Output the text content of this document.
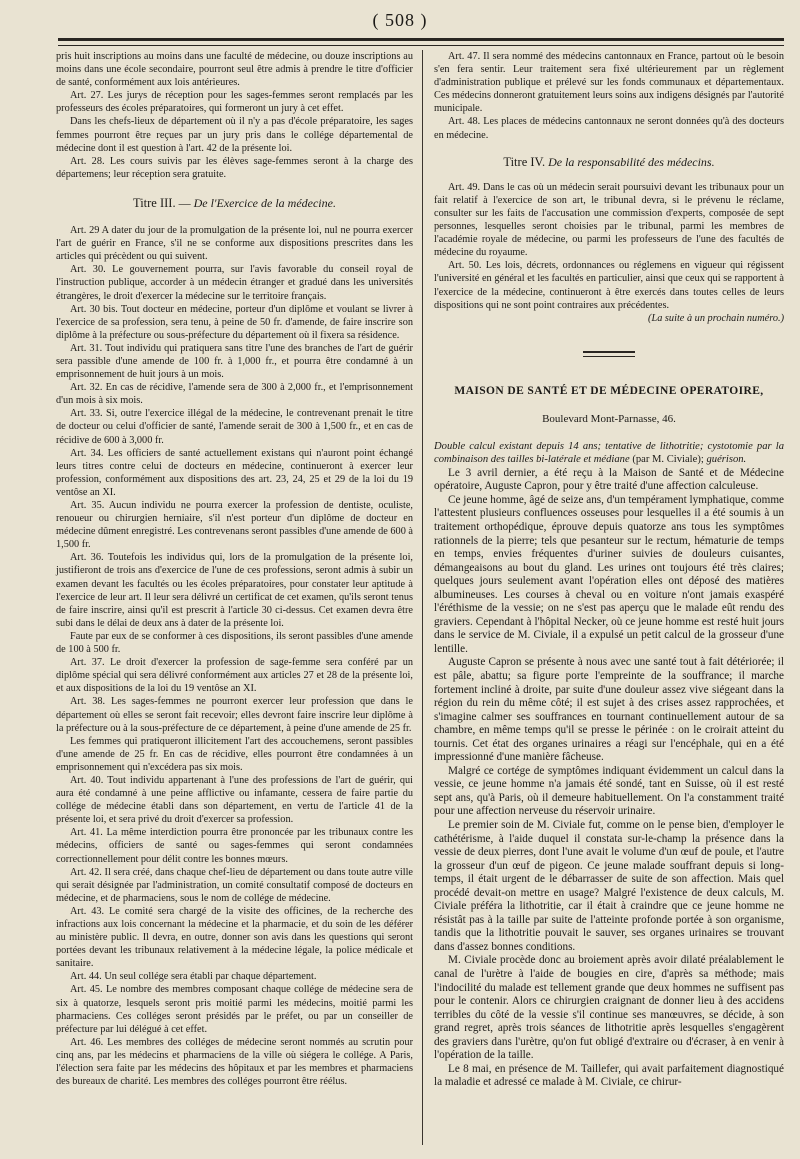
( 508 )

pris huit inscriptions au moins dans une faculté de médecine, ou douze inscriptions au moins dans une école secondaire, pourront seul être admis à prendre le titre d'officier de santé, conformément aux lois antérieures.

Art. 27. Les jurys de réception pour les sages-femmes seront remplacés par les professeurs des écoles préparatoires, qui formeront un jury à cet effet.

Dans les chefs-lieux de département où il n'y a pas d'école préparatoire, les sages femmes pourront être reçues par un jury pris dans le collége départemental de médecine dont il est question à l'art. 42 de la présente loi.

Art. 28. Les cours suivis par les élèves sage-femmes seront à la charge des départemens; leur réception sera gratuite.

Titre III. — De l'Exercice de la médecine.

Art. 29 A dater du jour de la promulgation de la présente loi, nul ne pourra exercer l'art de guérir en France, s'il ne se conforme aux dispositions prescrites dans les articles qui précèdent ou qui suivent.

Art. 30. Le gouvernement pourra, sur l'avis favorable du conseil royal de l'instruction publique, accorder à un médecin étranger et gradué dans les universités étrangères, le droit d'exercer la médecine sur le territoire français.

Art. 30 bis. Tout docteur en médecine, porteur d'un diplôme et voulant se livrer à l'exercice de sa profession, sera tenu, à peine de 50 fr. d'amende, de faire inscrire son diplôme à la préfecture ou sous-préfecture du département où il fixera sa résidence.

Art. 31. Tout individu qui pratiquera sans titre l'une des branches de l'art de guérir sera passible d'une amende de 100 fr. à 1,000 fr., et pourra être condamné à un emprisonnement de huit jours à un mois.

Art. 32. En cas de récidive, l'amende sera de 300 à 2,000 fr., et l'emprisonnement d'un mois à six mois.

Art. 33. Si, outre l'exercice illégal de la médecine, le contrevenant prenait le titre de docteur ou celui d'officier de santé, l'amende serait de 300 à 1,500 fr., et en cas de récidive de 600 à 3,000 fr.

Art. 34. Les officiers de santé actuellement existans qui n'auront point échangé leurs titres contre celui de docteurs en médecine, continueront à exercer leur profession, conformément aux dispositions des art. 23, 24, 25 et 29 de la loi du 19 ventôse an XI.

Art. 35. Aucun individu ne pourra exercer la profession de dentiste, oculiste, renoueur ou chirurgien herniaire, s'il n'est porteur d'un diplôme de docteur en médecine dûment enregistré. Les contrevenans seront passibles d'une amende de 600 à 1,500 fr.

Art. 36. Toutefois les individus qui, lors de la promulgation de la présente loi, justifieront de trois ans d'exercice de l'une de ces professions, seront admis à subir un examen devant les facultés ou les écoles préparatoires, pour constater leur aptitude à l'exercice de leur art. Il leur sera délivré un certificat de cet examen, qu'ils seront tenus de faire inscrire, ainsi qu'il est prescrit à l'article 30 ci-dessus. Cet examen devra être subi dans le délai de deux ans à dater de la présente loi.

Faute par eux de se conformer à ces dispositions, ils seront passibles d'une amende de 100 à 500 fr.

Art. 37. Le droit d'exercer la profession de sage-femme sera conféré par un diplôme spécial qui sera délivré conformément aux articles 27 et 28 de la présente loi, et aux dispositions de la loi du 19 ventôse an XI.

Art. 38. Les sages-femmes ne pourront exercer leur profession que dans le département où elles se seront fait recevoir; elles devront faire inscrire leur diplôme à la préfecture ou à la sous-préfecture de ce département, à peine d'une amende de 25 fr.

Les femmes qui pratiqueront illicitement l'art des accouchemens, seront passibles d'une amende de 25 fr. En cas de récidive, elles pourront être condamnées à un emprisonnement qui n'excédera pas six mois.

Art. 40. Tout individu appartenant à l'une des professions de l'art de guérir, qui aura été condamné à une peine afflictive ou infamante, cessera de faire partie du collége de médecine établi dans son département, en vertu de l'article 41 de la présente loi, et sera privé du droit d'exercer sa profession.

Art. 41. La même interdiction pourra être prononcée par les tribunaux contre les médecins, officiers de santé ou sages-femmes qui seront condamnées correctionnellement pour délit contre les bonnes mœurs.

Art. 42. Il sera créé, dans chaque chef-lieu de département ou dans toute autre ville qui serait désignée par l'administration, un comité consultatif composé de docteurs en médecine, et de pharmaciens, sous le nom de collége de médecine.

Art. 43. Le comité sera chargé de la visite des officines, de la recherche des infractions aux lois concernant la médecine et la pharmacie, et du soin de les déférer au ministère public. Il devra, en outre, donner son avis dans les questions qui seront portées devant les tribunaux relativement à la médecine légale, la police médicale et sanitaire.

Art. 44. Un seul collége sera établi par chaque département.

Art. 45. Le nombre des membres composant chaque collége de médecine sera de six à quatorze, lesquels seront pris moitié parmi les médecins, moitié parmi les pharmaciens. Ces colléges seront présidés par le préfet, ou par un conseiller de préfecture par lui délégué à cet effet.

Art. 46. Les membres des colléges de médecine seront nommés au scrutin pour cinq ans, par les médecins et pharmaciens de la ville où siégera le collége. A Paris, l'élection sera faite par les médecins des hôpitaux et par les membres et pharmaciens des bureaux de charité. Les membres des colléges pourront être réélus.

Art. 47. Il sera nommé des médecins cantonnaux en France, partout où le besoin s'en fera sentir. Leur traitement sera fixé ultérieurement par un règlement d'administration publique et prélevé sur les fonds communaux et départementaux. Ces médecins donneront gratuitement leurs soins aux indigens désignés par l'autorité municipale.

Art. 48. Les places de médecins cantonnaux ne seront données qu'à des docteurs en médecine.

Titre IV. De la responsabilité des médecins.

Art. 49. Dans le cas où un médecin serait poursuivi devant les tribunaux pour un fait relatif à l'exercice de son art, le tribunal devra, si le prévenu le réclame, consulter sur les faits de l'accusation une commission d'experts, composée de sept personnes, lesquelles seront choisies par le tribunal, parmi les membres de l'académie royale de médecine, ou parmi les professeurs de l'une des facultés de médecine du royaume.

Art. 50. Les lois, décrets, ordonnances ou réglemens en vigueur qui régissent l'université en général et les facultés en particulier, ainsi que ceux qui se rapportent à l'exercice de la médecine, continueront à être exercés dans toutes celles de leurs dispositions qui ne sont point contraires aux précédentes.

(La suite à un prochain numéro.)

MAISON DE SANTÉ ET DE MÉDECINE OPERATOIRE,
Boulevard Mont-Parnasse, 46.

Double calcul existant depuis 14 ans; tentative de lithotritie; cystotomie par la combinaison des tailles bi-latérale et médiane (par M. Civiale); guérison.

Le 3 avril dernier, a été reçu à la Maison de Santé et de Médecine opératoire, Auguste Capron, pour y être traité d'une affection calculeuse.

Ce jeune homme, âgé de seize ans, d'un tempérament lymphatique, comme l'attestent plusieurs confluences osseuses pour lesquelles il a été soumis à un traitement orthopédique, éprouve depuis quatorze ans tous les symptômes rationnels de la pierre; tels que pesanteur sur le rectum, hématurie de temps en temps, envies fréquentes d'uriner suivies de douleurs cuisantes, démangeaisons au bout du gland. Les urines ont toujours été très claires; quelques jours seulement avant l'opération elles ont déposé des matières albumineuses. Les courses à cheval ou en voiture n'ont jamais exaspéré l'éréthisme de la vessie; on ne s'est pas aperçu que le malade eût rendu des graviers. Cependant à l'hôpital Necker, où ce jeune homme est resté huit jours dans le service de M. Civiale, il a expulsé un petit calcul de la grosseur d'une lentille.

Auguste Capron se présente à nous avec une santé tout à fait détériorée; il est pâle, abattu; sa figure porte l'empreinte de la souffrance; il marche fortement incliné à droite, par suite d'une douleur assez vive siégeant dans la région du rein du même côté; il est sujet à des crises assez rapprochées, et s'imagine calmer ses souffrances en tournant continuellement autour de sa chambre, en même temps qu'il se presse le périnée : on le croirait atteint du tournis. Cet état des organes urinaires a réagi sur l'encéphale, qui en a été impressionné d'une manière fâcheuse.

Malgré ce cortége de symptômes indiquant évidemment un calcul dans la vessie, ce jeune homme n'a jamais été sondé, tant en Suisse, où il est resté sept ans, qu'à Paris, où il demeure habituellement. On l'a constamment traité pour une affection nerveuse du réservoir urinaire.

Le premier soin de M. Civiale fut, comme on le pense bien, d'employer le cathétérisme, à l'aide duquel il constata sur-le-champ la présence dans la vessie de deux pierres, dont l'une avait le volume d'un œuf de poule, et l'autre la grosseur d'un œuf de pigeon. Ce jeune malade souffrant depuis si long-temps, il était urgent de le débarrasser de suite de son affection. Mais quel procédé devait-on mettre en usage? Malgré l'existence de deux calculs, M. Civiale préféra la lithotritie, car il était à craindre que ce jeune homme ne résistât pas à la taille par suite de l'atteinte profonde portée à son organisme, tandis que la lithotritie pouvait le sauver, ses organes urinaires se trouvant dans d'assez bonnes conditions.

M. Civiale procède donc au broiement après avoir dilaté préalablement le canal de l'urètre à l'aide de bougies en cire, d'après sa méthode; mais l'indocilité du malade est tellement grande que deux hommes ne suffisent pas pour le contenir. Alors ce chirurgien craignant de donner lieu à des accidens terribles du côté de la vessie s'il continue ses manœuvres, se décide, à son grand regret, après trois séances de lithotritie après lesquelles s'engagèrent des graviers dans l'urètre, qu'on fut obligé d'extraire ou d'écraser, à en venir à l'opération de la taille.

Le 8 mai, en présence de M. Taillefer, qui avait parfaitement diagnostiqué la maladie et adressé ce malade à M. Civiale, ce chirur-
